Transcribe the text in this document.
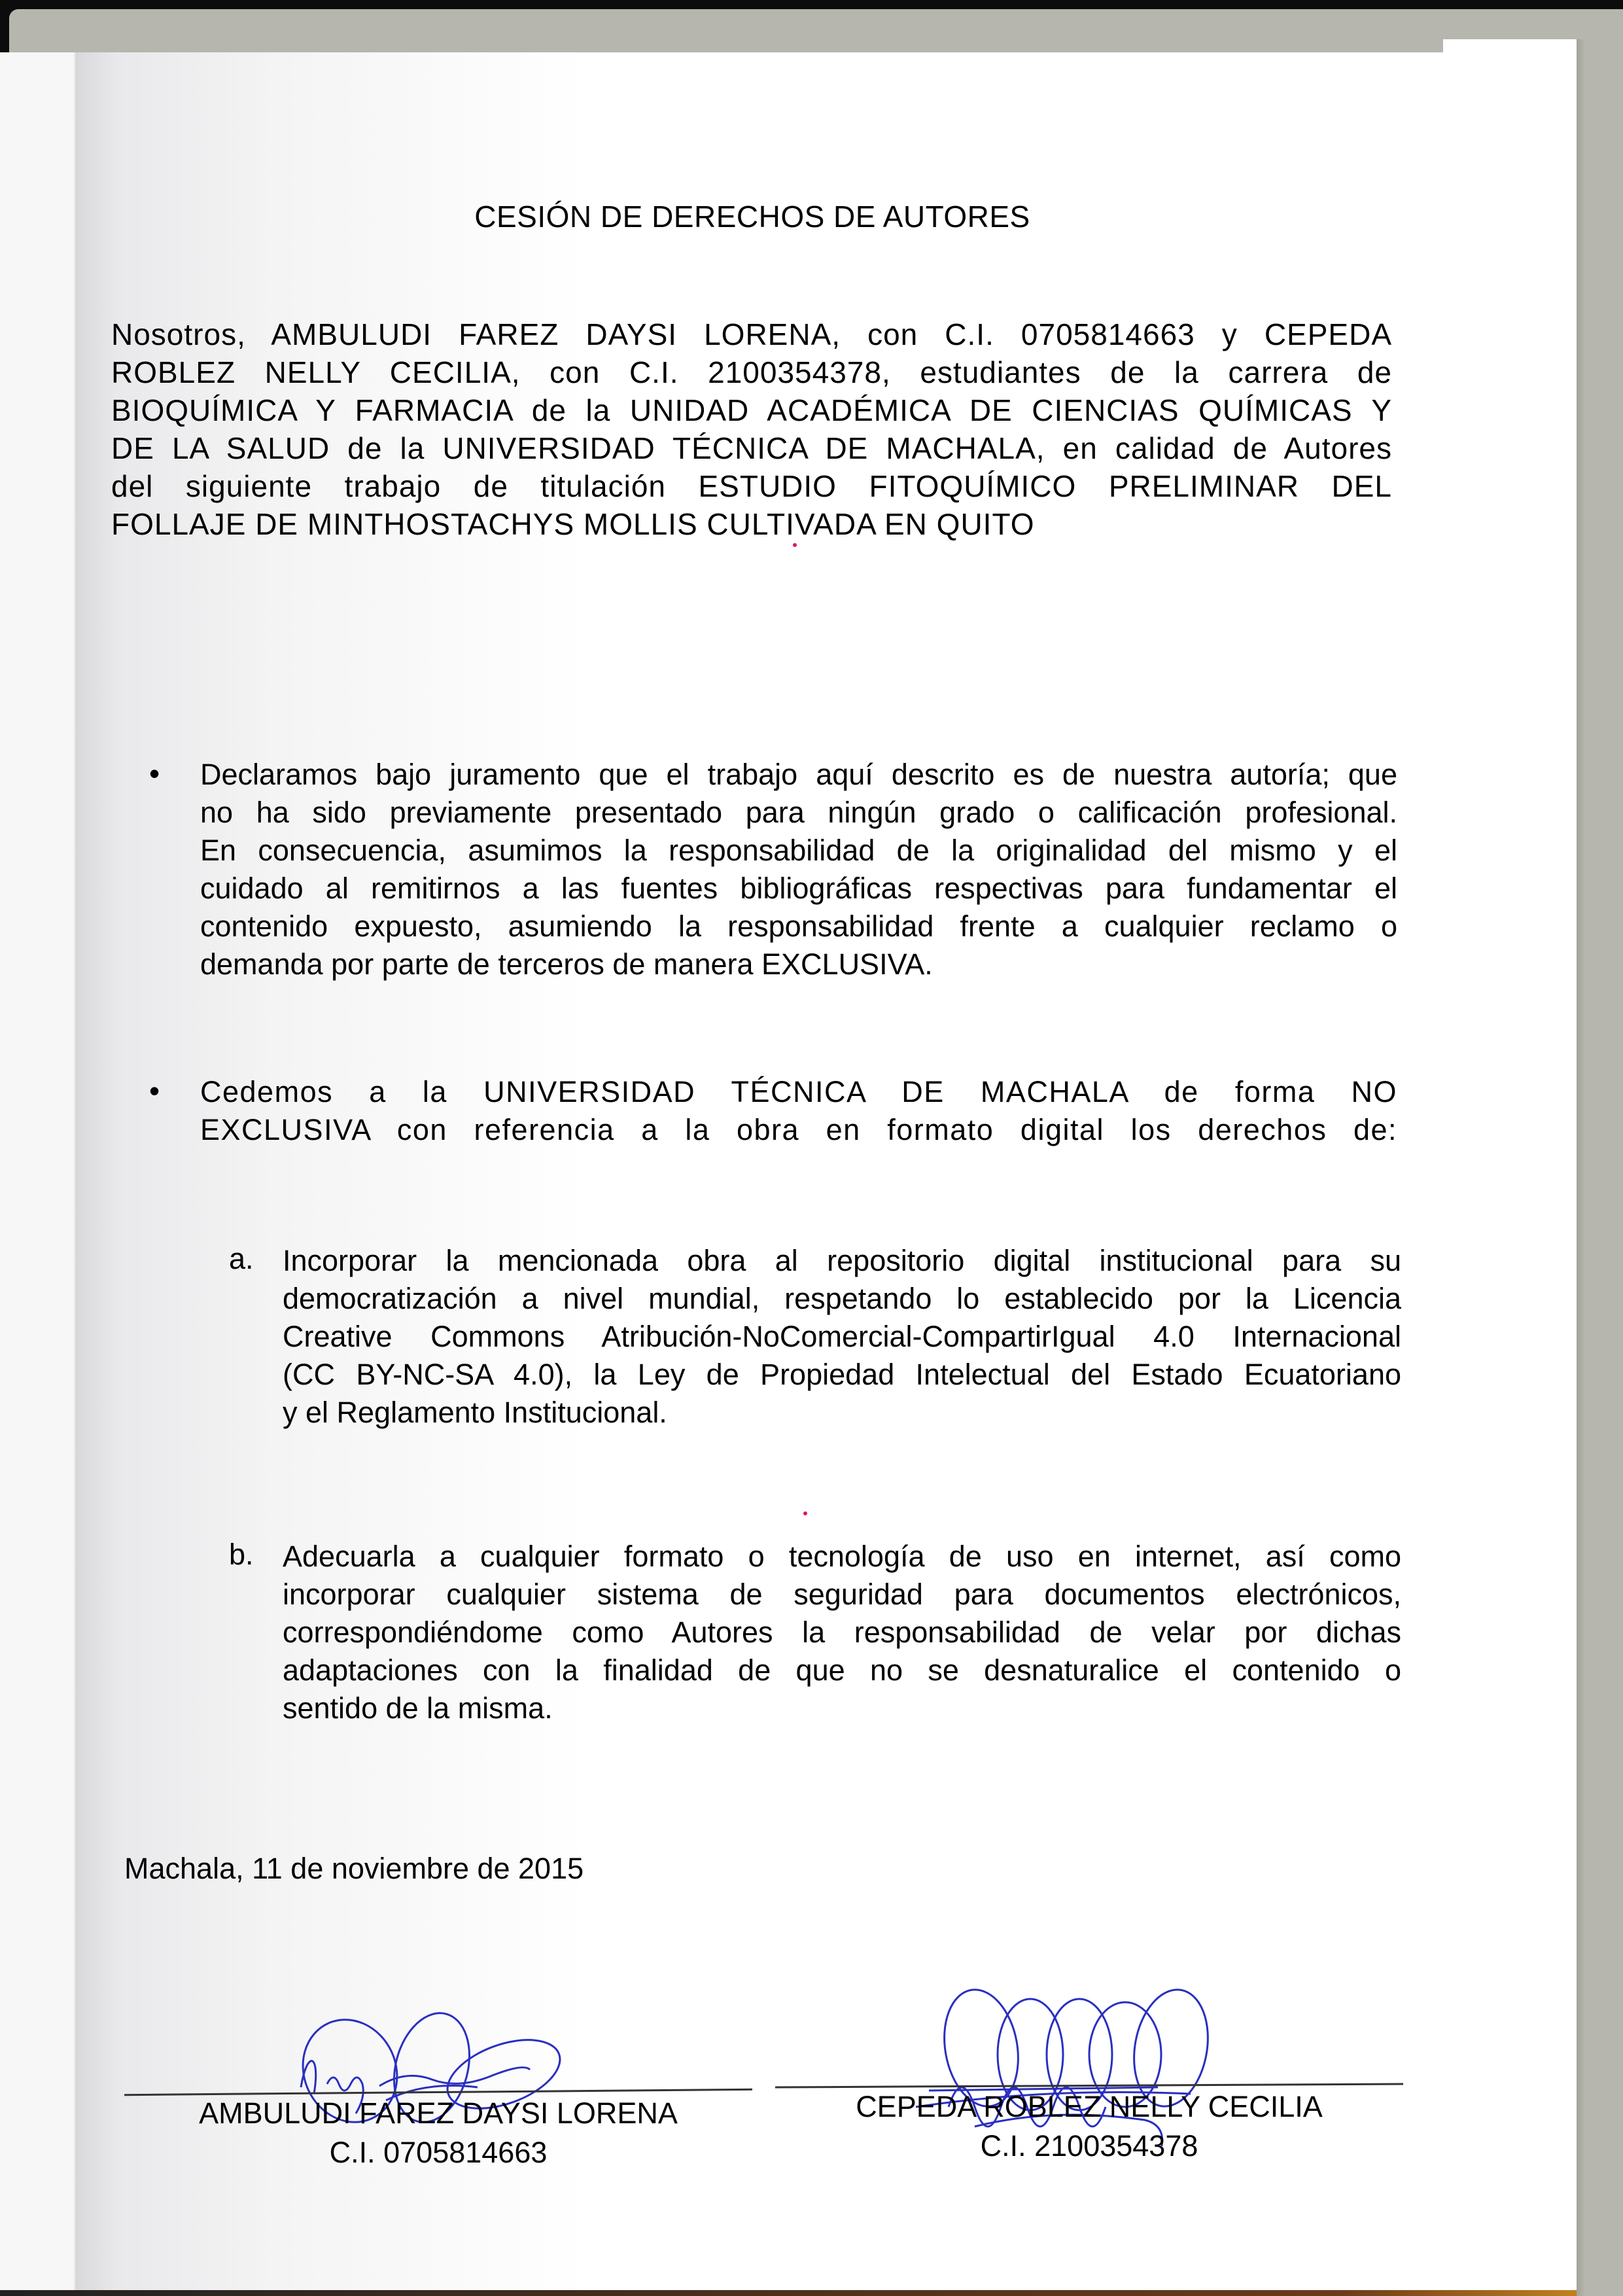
CESIÓN DE DERECHOS DE AUTORES
Nosotros, AMBULUDI FAREZ DAYSI LORENA, con C.I. 0705814663 y CEPEDA
ROBLEZ NELLY CECILIA, con C.I. 2100354378, estudiantes de la carrera de
BIOQUÍMICA Y FARMACIA de la UNIDAD ACADÉMICA DE CIENCIAS QUÍMICAS Y
DE LA SALUD de la UNIVERSIDAD TÉCNICA DE MACHALA, en calidad de Autores
del siguiente trabajo de titulación ESTUDIO FITOQUÍMICO PRELIMINAR DEL
FOLLAJE DE MINTHOSTACHYS MOLLIS CULTIVADA EN QUITO
• Declaramos bajo juramento que el trabajo aquí descrito es de nuestra autoría; que
no ha sido previamente presentado para ningún grado o calificación profesional.
En consecuencia, asumimos la responsabilidad de la originalidad del mismo y el
cuidado al remitirnos a las fuentes bibliográficas respectivas para fundamentar el
contenido expuesto, asumiendo la responsabilidad frente a cualquier reclamo o
demanda por parte de terceros de manera EXCLUSIVA.
• Cedemos a la UNIVERSIDAD TÉCNICA DE MACHALA de forma NO
EXCLUSIVA con referencia a la obra en formato digital los derechos de:
a. Incorporar la mencionada obra al repositorio digital institucional para su
democratización a nivel mundial, respetando lo establecido por la Licencia
Creative Commons Atribución-NoComercial-CompartirIgual 4.0 Internacional
(CC BY-NC-SA 4.0), la Ley de Propiedad Intelectual del Estado Ecuatoriano
y el Reglamento Institucional.
b. Adecuarla a cualquier formato o tecnología de uso en internet, así como
incorporar cualquier sistema de seguridad para documentos electrónicos,
correspondiéndome como Autores la responsabilidad de velar por dichas
adaptaciones con la finalidad de que no se desnaturalice el contenido o
sentido de la misma.
Machala, 11 de noviembre de 2015
AMBULUDI FAREZ DAYSI LORENA
C.I. 0705814663
CEPEDA ROBLEZ NELLY CECILIA
C.I. 2100354378
